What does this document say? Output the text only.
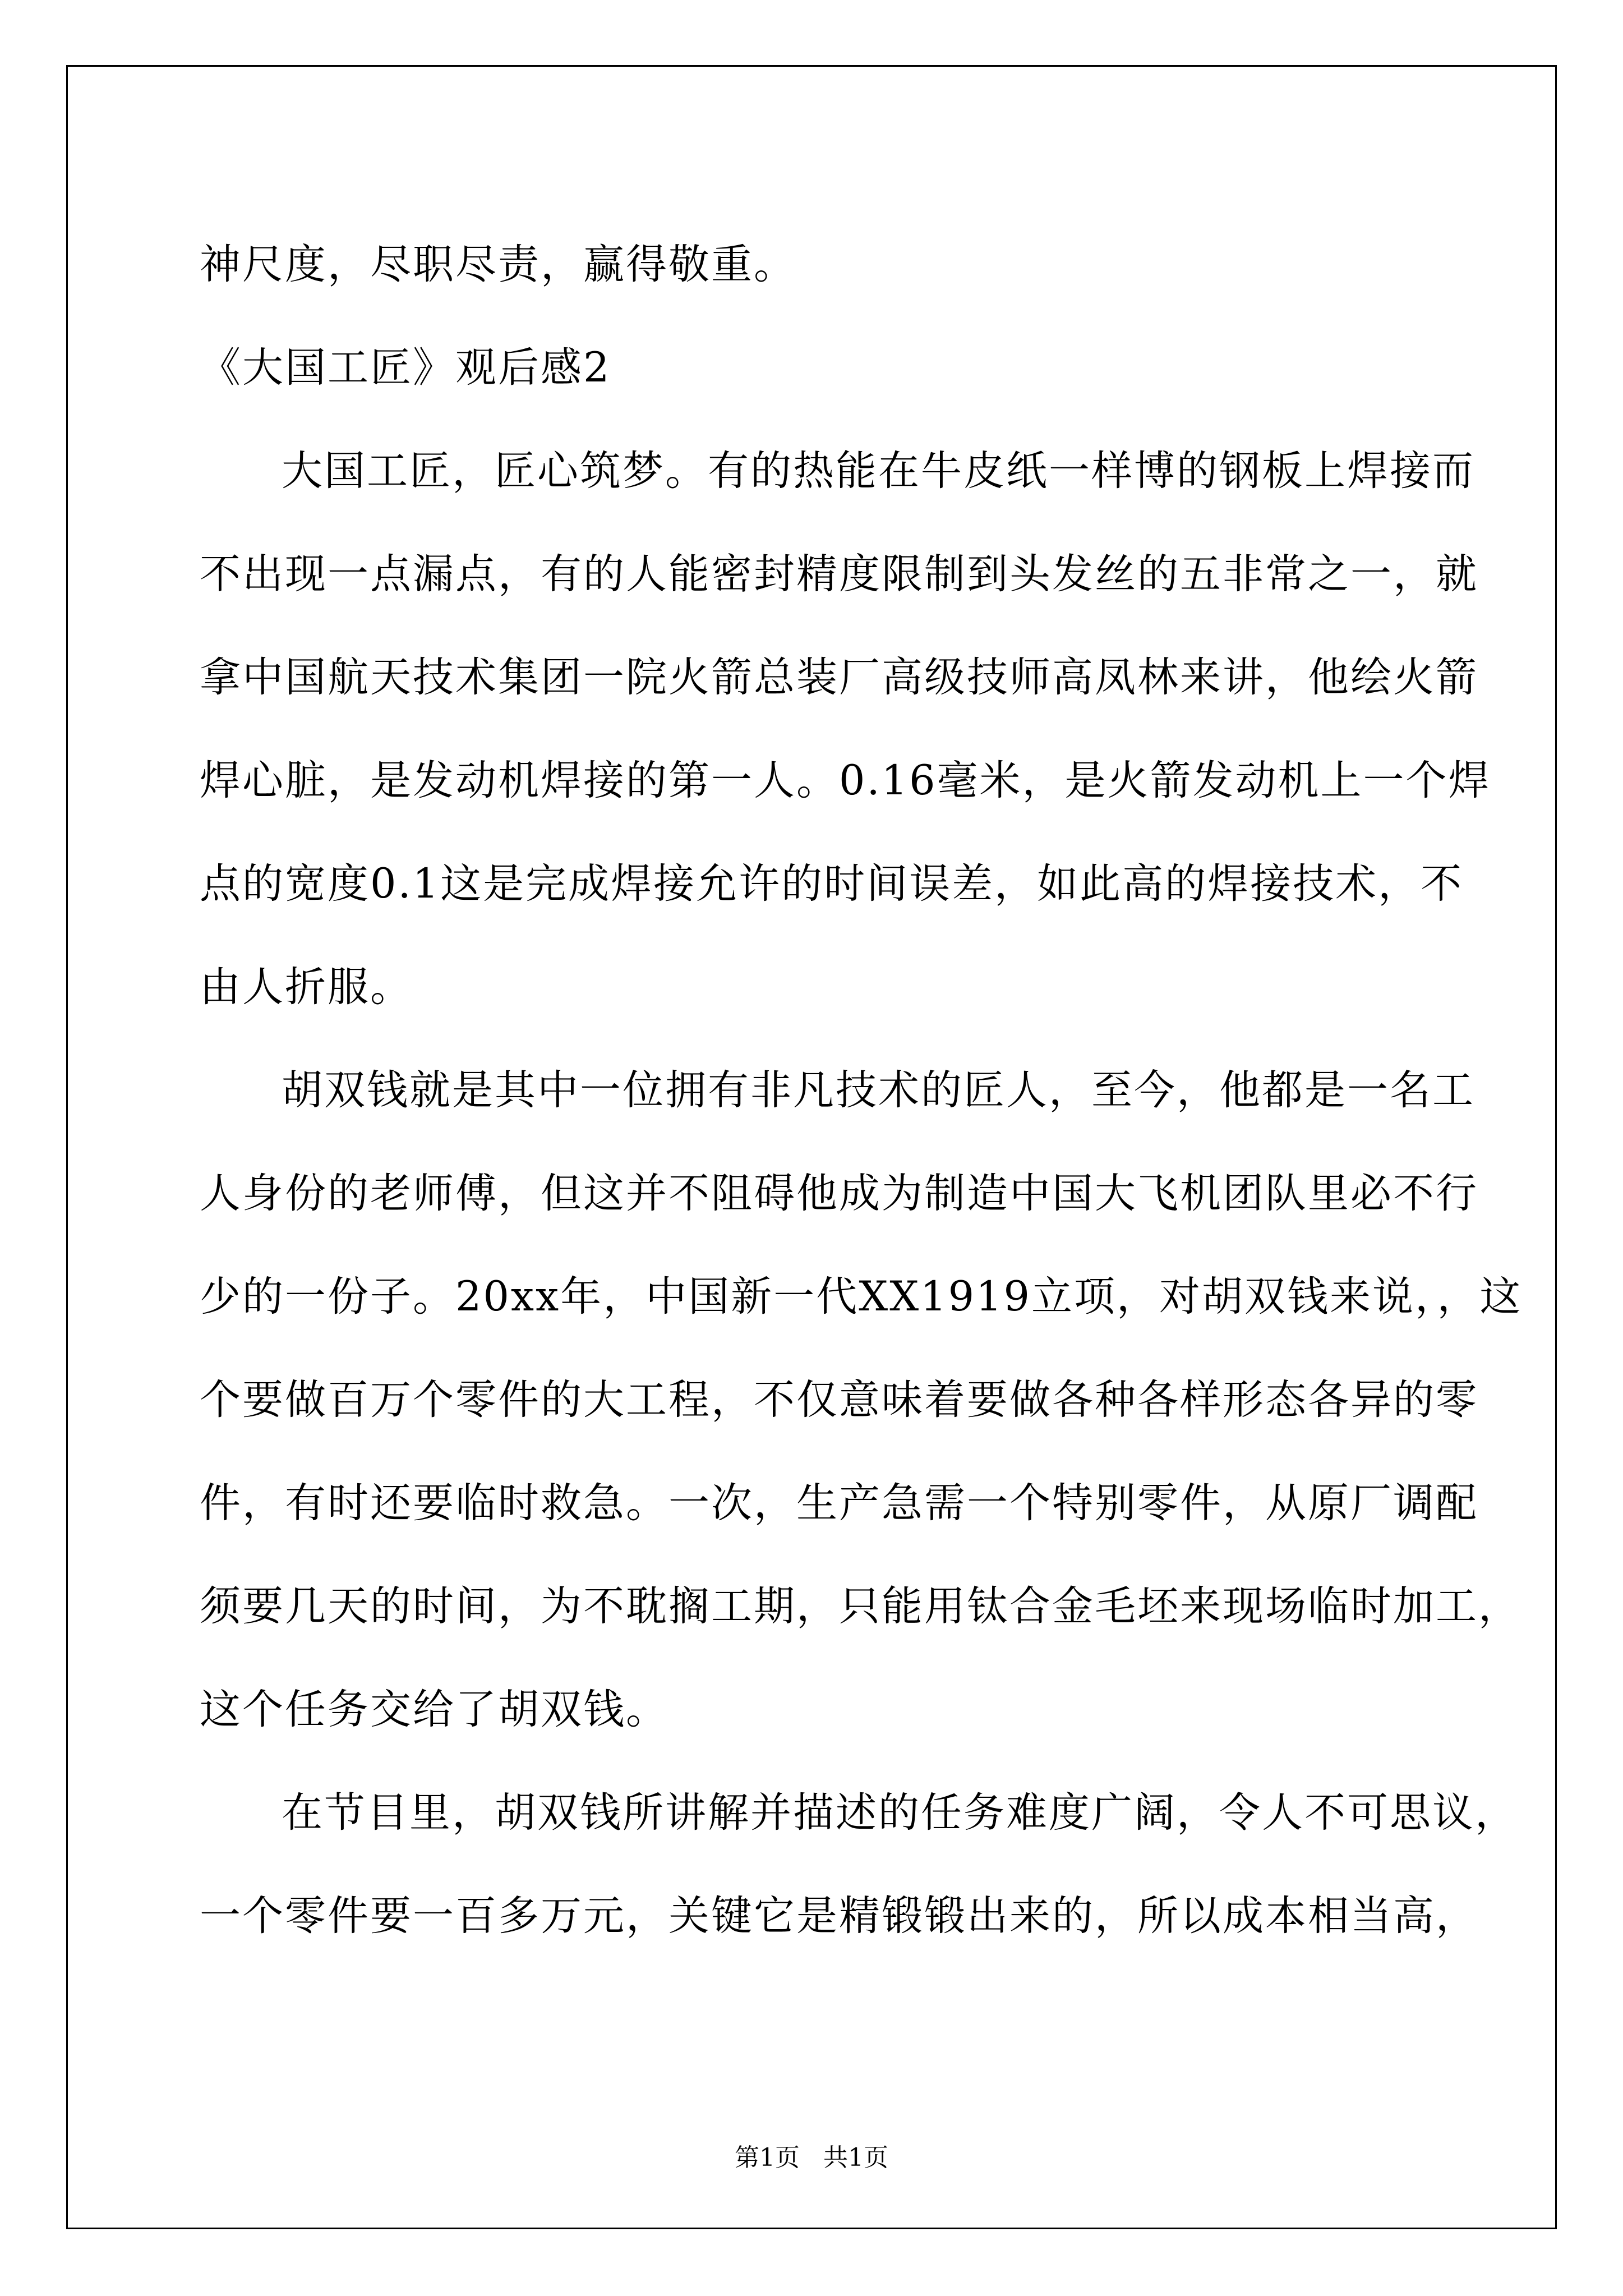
神尺度，尽职尽责，赢得敬重。
《大国工匠》观后感2
大国工匠，匠心筑梦。有的热能在牛皮纸一样博的钢板上焊接而
不出现一点漏点，有的人能密封精度限制到头发丝的五非常之一，就
拿中国航天技术集团一院火箭总装厂高级技师高凤林来讲，他绘火箭
焊心脏，是发动机焊接的第一人。0.16毫米，是火箭发动机上一个焊
点的宽度0.1这是完成焊接允许的时间误差，如此高的焊接技术，不
由人折服。
胡双钱就是其中一位拥有非凡技术的匠人，至今，他都是一名工
人身份的老师傅，但这并不阻碍他成为制造中国大飞机团队里必不行
少的一份子。20xx年，中国新一代XX1919立项，对胡双钱来说，，这
个要做百万个零件的大工程，不仅意味着要做各种各样形态各异的零
件，有时还要临时救急。一次，生产急需一个特别零件，从原厂调配
须要几天的时间，为不耽搁工期，只能用钛合金毛坯来现场临时加工，
这个任务交给了胡双钱。
在节目里，胡双钱所讲解并描述的任务难度广阔，令人不可思议，
一个零件要一百多万元，关键它是精锻锻出来的，所以成本相当高，
第1页   共1页
